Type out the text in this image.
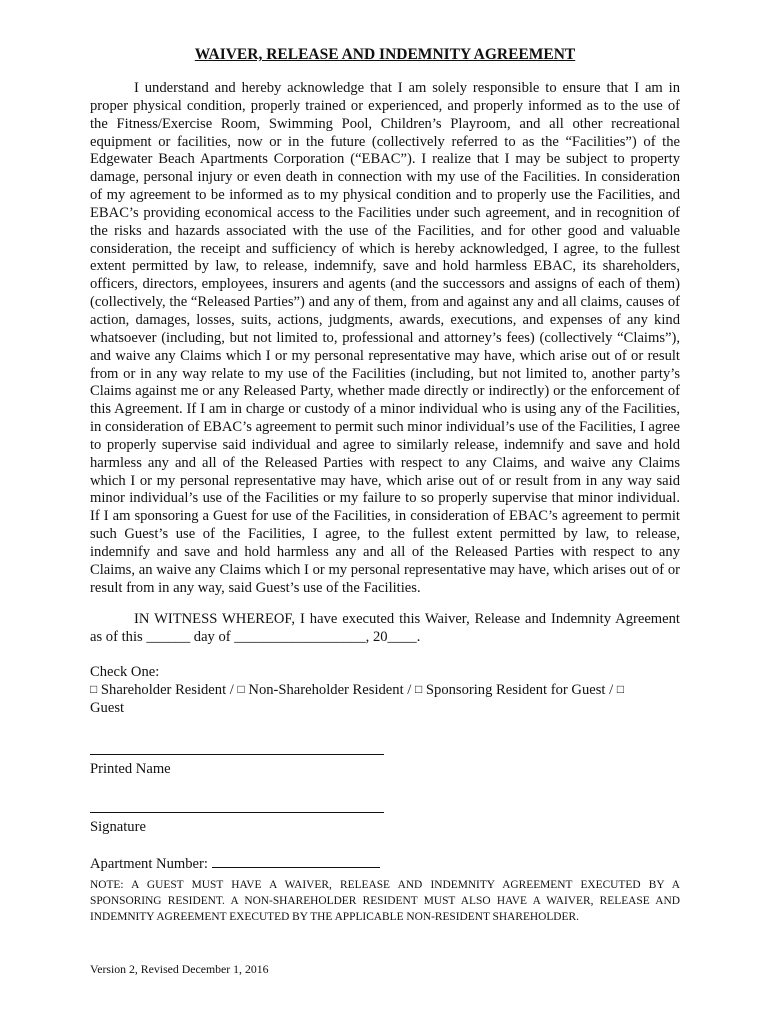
WAIVER, RELEASE AND INDEMNITY AGREEMENT

I understand and hereby acknowledge that I am solely responsible to ensure that I am in proper physical condition, properly trained or experienced, and properly informed as to the use of the Fitness/Exercise Room, Swimming Pool, Children’s Playroom, and all other recreational equipment or facilities, now or in the future (collectively referred to as the “Facilities”) of the Edgewater Beach Apartments Corporation (“EBAC”). I realize that I may be subject to property damage, personal injury or even death in connection with my use of the Facilities. In consideration of my agreement to be informed as to my physical condition and to properly use the Facilities, and EBAC’s providing economical access to the Facilities under such agreement, and in recognition of the risks and hazards associated with the use of the Facilities, and for other good and valuable consideration, the receipt and sufficiency of which is hereby acknowledged, I agree, to the fullest extent permitted by law, to release, indemnify, save and hold harmless EBAC, its shareholders, officers, directors, employees, insurers and agents (and the successors and assigns of each of them) (collectively, the “Released Parties”) and any of them, from and against any and all claims, causes of action, damages, losses, suits, actions, judgments, awards, executions, and expenses of any kind whatsoever (including, but not limited to, professional and attorney’s fees) (collectively “Claims”), and waive any Claims which I or my personal representative may have, which arise out of or result from or in any way relate to my use of the Facilities (including, but not limited to, another party’s Claims against me or any Released Party, whether made directly or indirectly) or the enforcement of this Agreement. If I am in charge or custody of a minor individual who is using any of the Facilities, in consideration of EBAC’s agreement to permit such minor individual’s use of the Facilities, I agree to properly supervise said individual and agree to similarly release, indemnify and save and hold harmless any and all of the Released Parties with respect to any Claims, and waive any Claims which I or my personal representative may have, which arise out of or result from in any way said minor individual’s use of the Facilities or my failure to so properly supervise that minor individual. If I am sponsoring a Guest for use of the Facilities, in consideration of EBAC’s agreement to permit such Guest’s use of the Facilities, I agree, to the fullest extent permitted by law, to release, indemnify and save and hold harmless any and all of the Released Parties with respect to any Claims, an waive any Claims which I or my personal representative may have, which arises out of or result from in any way, said Guest’s use of the Facilities.

IN WITNESS WHEREOF, I have executed this Waiver, Release and Indemnity Agreement as of this ______ day of __________________, 20____.

Check One:
□ Shareholder Resident / □ Non-Shareholder Resident / □ Sponsoring Resident for Guest / □
Guest
Printed Name
Signature
Apartment Number:
NOTE: A GUEST MUST HAVE A WAIVER, RELEASE AND INDEMNITY AGREEMENT EXECUTED BY A SPONSORING RESIDENT. A NON-SHAREHOLDER RESIDENT MUST ALSO HAVE A WAIVER, RELEASE AND INDEMNITY AGREEMENT EXECUTED BY THE APPLICABLE NON-RESIDENT SHAREHOLDER.
Version 2, Revised December 1, 2016
